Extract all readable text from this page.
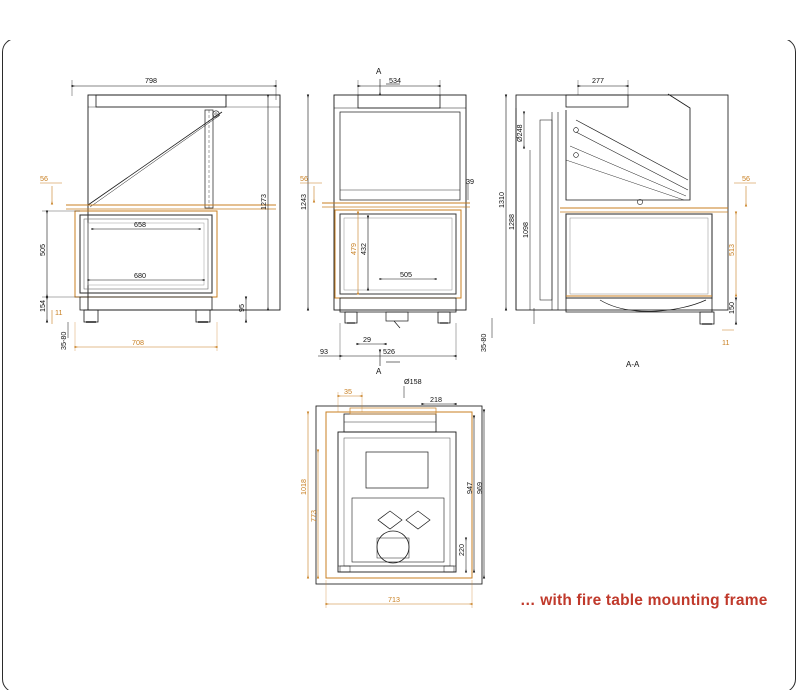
798
1273
505
154
658
680
56
11	95
708
35-80
A
A
534
1243
56	39
479 432
505
29
93	526
277
Ø248
1310
1288 1098
513
56
150
11
35-80
A-A
35
Ø158
218
1018
773
947 969
220
713	… with fire table mounting frame
